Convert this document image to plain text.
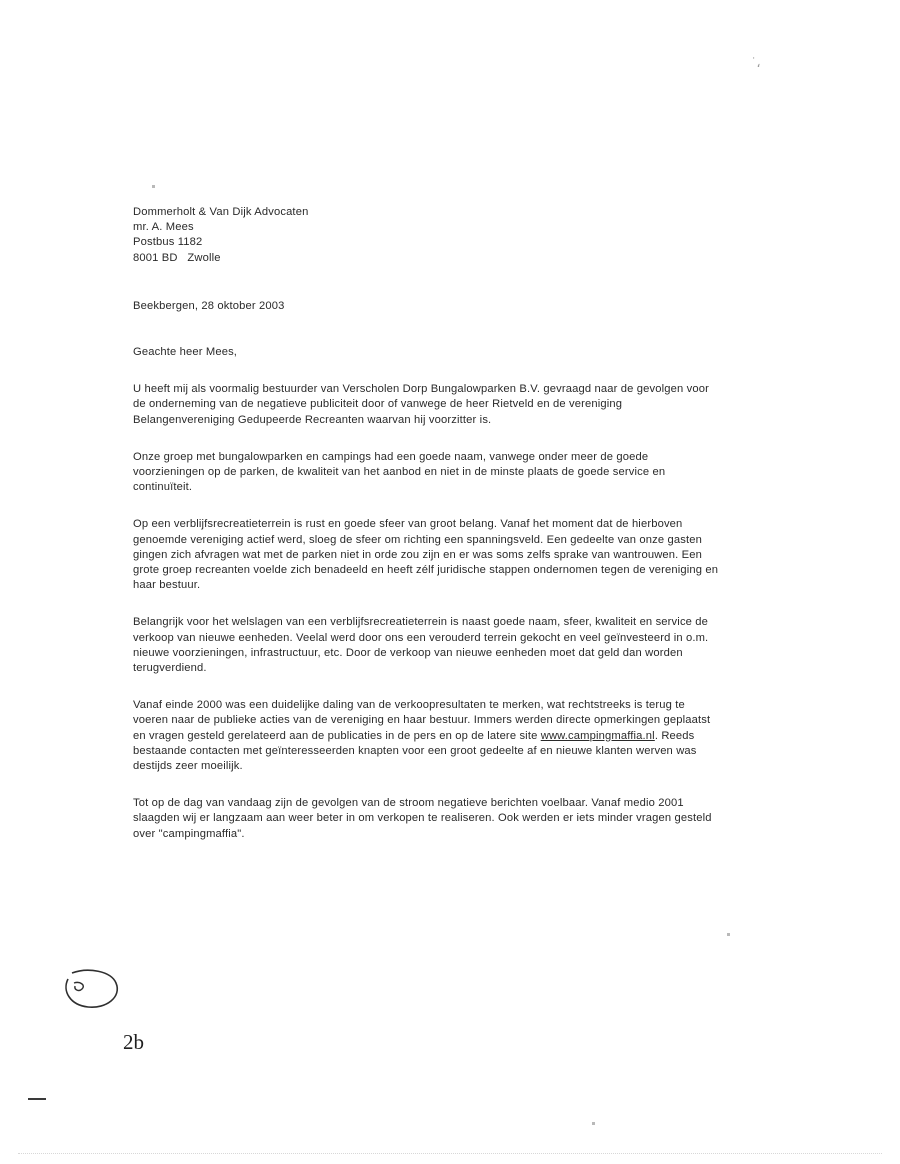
˙،
Dommerholt & Van Dijk Advocaten
mr. A. Mees
Postbus 1182
8001 BD   Zwolle
Beekbergen, 28 oktober 2003
Geachte heer Mees,

U heeft mij als voormalig bestuurder van Verscholen Dorp Bungalowparken B.V. gevraagd naar de gevolgen voor de onderneming van de negatieve publiciteit door of vanwege de heer Rietveld en de vereniging Belangenvereniging Gedupeerde Recreanten waarvan hij voorzitter is.

Onze groep met bungalowparken en campings had een goede naam, vanwege onder meer de goede voorzieningen op de parken, de kwaliteit van het aanbod en niet in de minste plaats de goede service en continuïteit.

Op een verblijfsrecreatieterrein is rust en goede sfeer van groot belang. Vanaf het moment dat de hierboven genoemde vereniging actief werd, sloeg de sfeer om richting een spanningsveld. Een gedeelte van onze gasten gingen zich afvragen wat met de parken niet in orde zou zijn en er was soms zelfs sprake van wantrouwen. Een grote groep recreanten voelde zich benadeeld en heeft zélf juridische stappen ondernomen tegen de vereniging en haar bestuur.

Belangrijk voor het welslagen van een verblijfsrecreatieterrein is naast goede naam, sfeer, kwaliteit en service de verkoop van nieuwe eenheden. Veelal werd door ons een verouderd terrein gekocht en veel geïnvesteerd in o.m. nieuwe voorzieningen, infrastructuur, etc. Door de verkoop van nieuwe eenheden moet dat geld dan worden terugverdiend.

Vanaf einde 2000 was een duidelijke daling van de verkoopresultaten te merken, wat rechtstreeks is terug te voeren naar de publieke acties van de vereniging en haar bestuur. Immers werden directe opmerkingen geplaatst en vragen gesteld gerelateerd aan de publicaties in de pers en op de latere site www.campingmaffia.nl. Reeds bestaande contacten met geïnteresseerden knapten voor een groot gedeelte af en nieuwe klanten werven was destijds zeer moeilijk.

Tot op de dag van vandaag zijn de gevolgen van de stroom negatieve berichten voelbaar. Vanaf medio 2001 slaagden wij er langzaam aan weer beter in om verkopen te realiseren. Ook werden er iets minder vragen gesteld over "campingmaffia".

2b
